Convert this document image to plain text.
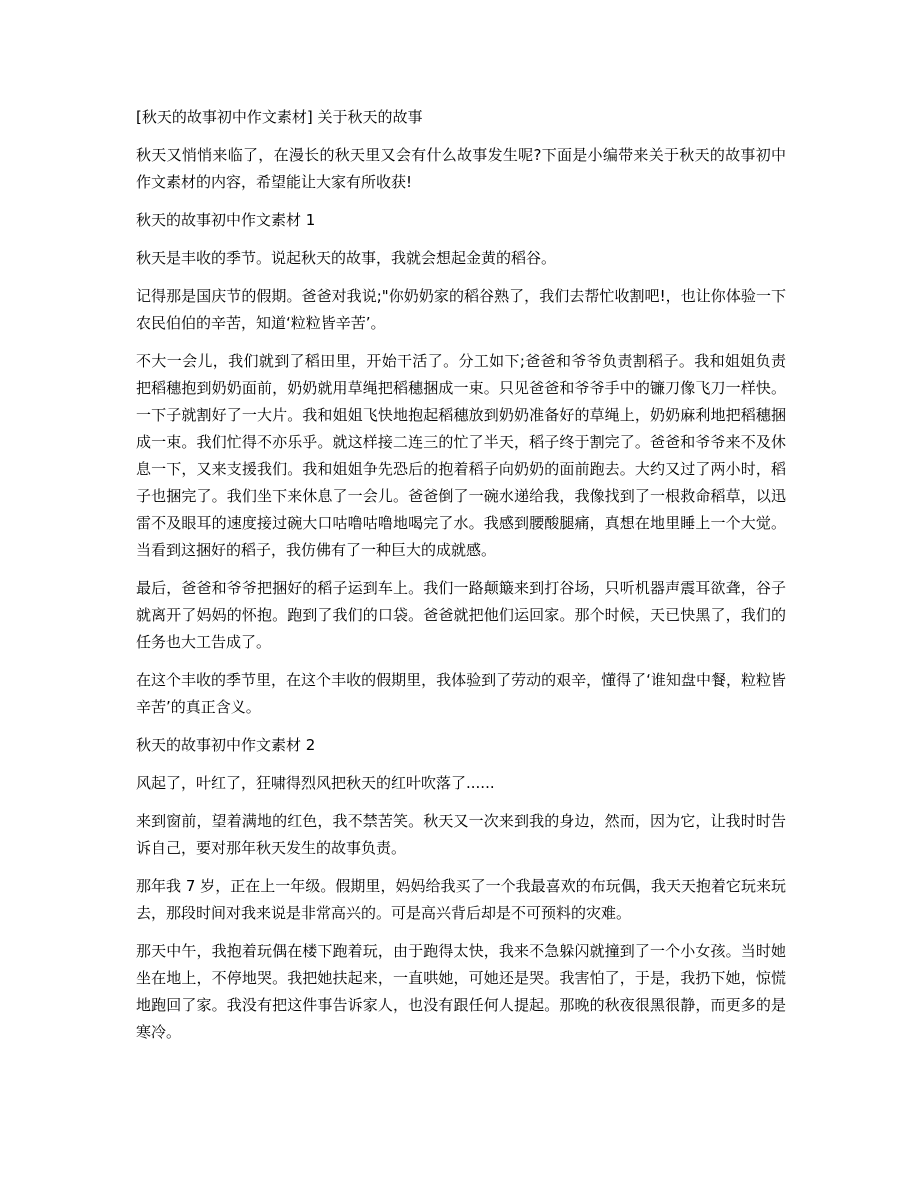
[秋天的故事初中作文素材] 关于秋天的故事

秋天又悄悄来临了，在漫长的秋天里又会有什么故事发生呢?下面是小编带来关于秋天的故事初中作文素材的内容，希望能让大家有所收获!

秋天的故事初中作文素材 1

秋天是丰收的季节。说起秋天的故事，我就会想起金黄的稻谷。

记得那是国庆节的假期。爸爸对我说;"你奶奶家的稻谷熟了，我们去帮忙收割吧!，也让你体验一下农民伯伯的辛苦，知道‘粒粒皆辛苦’。

不大一会儿，我们就到了稻田里，开始干活了。分工如下;爸爸和爷爷负责割稻子。我和姐姐负责把稻穗抱到奶奶面前，奶奶就用草绳把稻穗捆成一束。只见爸爸和爷爷手中的镰刀像飞刀一样快。一下子就割好了一大片。我和姐姐飞快地抱起稻穗放到奶奶准备好的草绳上，奶奶麻利地把稻穗捆成一束。我们忙得不亦乐乎。就这样接二连三的忙了半天，稻子终于割完了。爸爸和爷爷来不及休息一下，又来支援我们。我和姐姐争先恐后的抱着稻子向奶奶的面前跑去。大约又过了两小时，稻子也捆完了。我们坐下来休息了一会儿。爸爸倒了一碗水递给我，我像找到了一根救命稻草，以迅雷不及眼耳的速度接过碗大口咕噜咕噜地喝完了水。我感到腰酸腿痛，真想在地里睡上一个大觉。当看到这捆好的稻子，我仿佛有了一种巨大的成就感。

最后，爸爸和爷爷把捆好的稻子运到车上。我们一路颠簸来到打谷场，只听机器声震耳欲聋，谷子就离开了妈妈的怀抱。跑到了我们的口袋。爸爸就把他们运回家。那个时候，天已快黑了，我们的任务也大工告成了。

在这个丰收的季节里，在这个丰收的假期里，我体验到了劳动的艰辛，懂得了‘谁知盘中餐，粒粒皆辛苦’的真正含义。

秋天的故事初中作文素材 2

风起了，叶红了，狂啸得烈风把秋天的红叶吹落了......

来到窗前，望着满地的红色，我不禁苦笑。秋天又一次来到我的身边，然而，因为它，让我时时告诉自己，要对那年秋天发生的故事负责。

那年我 7 岁，正在上一年级。假期里，妈妈给我买了一个我最喜欢的布玩偶，我天天抱着它玩来玩去，那段时间对我来说是非常高兴的。可是高兴背后却是不可预料的灾难。

那天中午，我抱着玩偶在楼下跑着玩，由于跑得太快，我来不急躲闪就撞到了一个小女孩。当时她坐在地上，不停地哭。我把她扶起来，一直哄她，可她还是哭。我害怕了，于是，我扔下她，惊慌地跑回了家。我没有把这件事告诉家人，也没有跟任何人提起。那晚的秋夜很黑很静，而更多的是寒冷。
